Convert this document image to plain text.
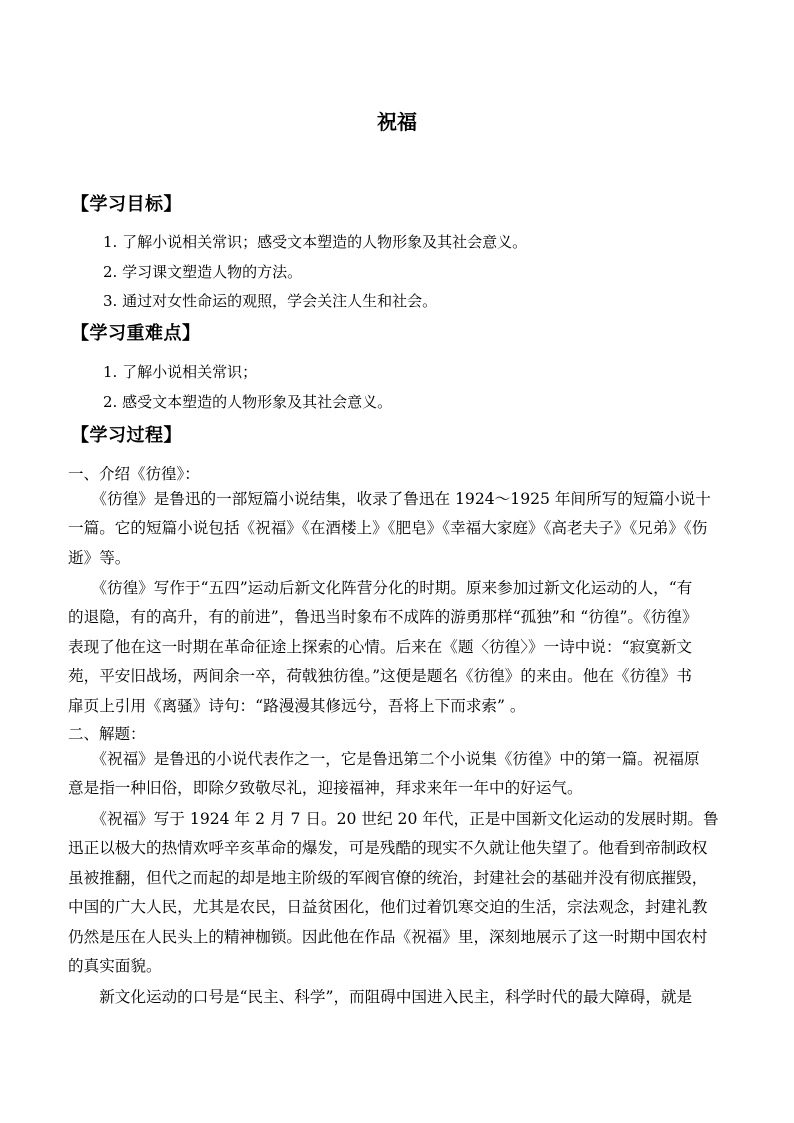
祝福
【学习目标】
1. 了解小说相关常识；感受文本塑造的人物形象及其社会意义。
2. 学习课文塑造人物的方法。
3. 通过对女性命运的观照，学会关注人生和社会。
【学习重难点】
1. 了解小说相关常识；
2. 感受文本塑造的人物形象及其社会意义。
【学习过程】
一、介绍《彷徨》：
　　《彷徨》是鲁迅的一部短篇小说结集，收录了鲁迅在 1924～1925 年间所写的短篇小说十
一篇。它的短篇小说包括《祝福》《在酒楼上》《肥皂》《幸福大家庭》《高老夫子》《兄弟》《伤
逝》等。
　　《彷徨》写作于“五四”运动后新文化阵营分化的时期。原来参加过新文化运动的人，“有
的退隐，有的高升，有的前进”，鲁迅当时象布不成阵的游勇那样“孤独”和 “彷徨”。《彷徨》
表现了他在这一时期在革命征途上探索的心情。后来在《题〈彷徨〉》一诗中说：“寂寞新文
苑，平安旧战场，两间余一卒，荷戟独彷徨。”这便是题名《彷徨》的来由。他在《彷徨》书
扉页上引用《离骚》诗句：“路漫漫其修远兮，吾将上下而求索” 。
二、解题：
　　《祝福》是鲁迅的小说代表作之一，它是鲁迅第二个小说集《彷徨》中的第一篇。祝福原
意是指一种旧俗，即除夕致敬尽礼，迎接福神，拜求来年一年中的好运气。
　　《祝福》写于 1924 年 2 月 7 日。20 世纪 20 年代，正是中国新文化运动的发展时期。鲁
迅正以极大的热情欢呼辛亥革命的爆发，可是残酷的现实不久就让他失望了。他看到帝制政权
虽被推翻，但代之而起的却是地主阶级的军阀官僚的统治，封建社会的基础并没有彻底摧毁，
中国的广大人民，尤其是农民，日益贫困化，他们过着饥寒交迫的生活，宗法观念，封建礼教
仍然是压在人民头上的精神枷锁。因此他在作品《祝福》里，深刻地展示了这一时期中国农村
的真实面貌。
　　新文化运动的口号是“民主、科学”，而阻碍中国进入民主，科学时代的最大障碍，就是
